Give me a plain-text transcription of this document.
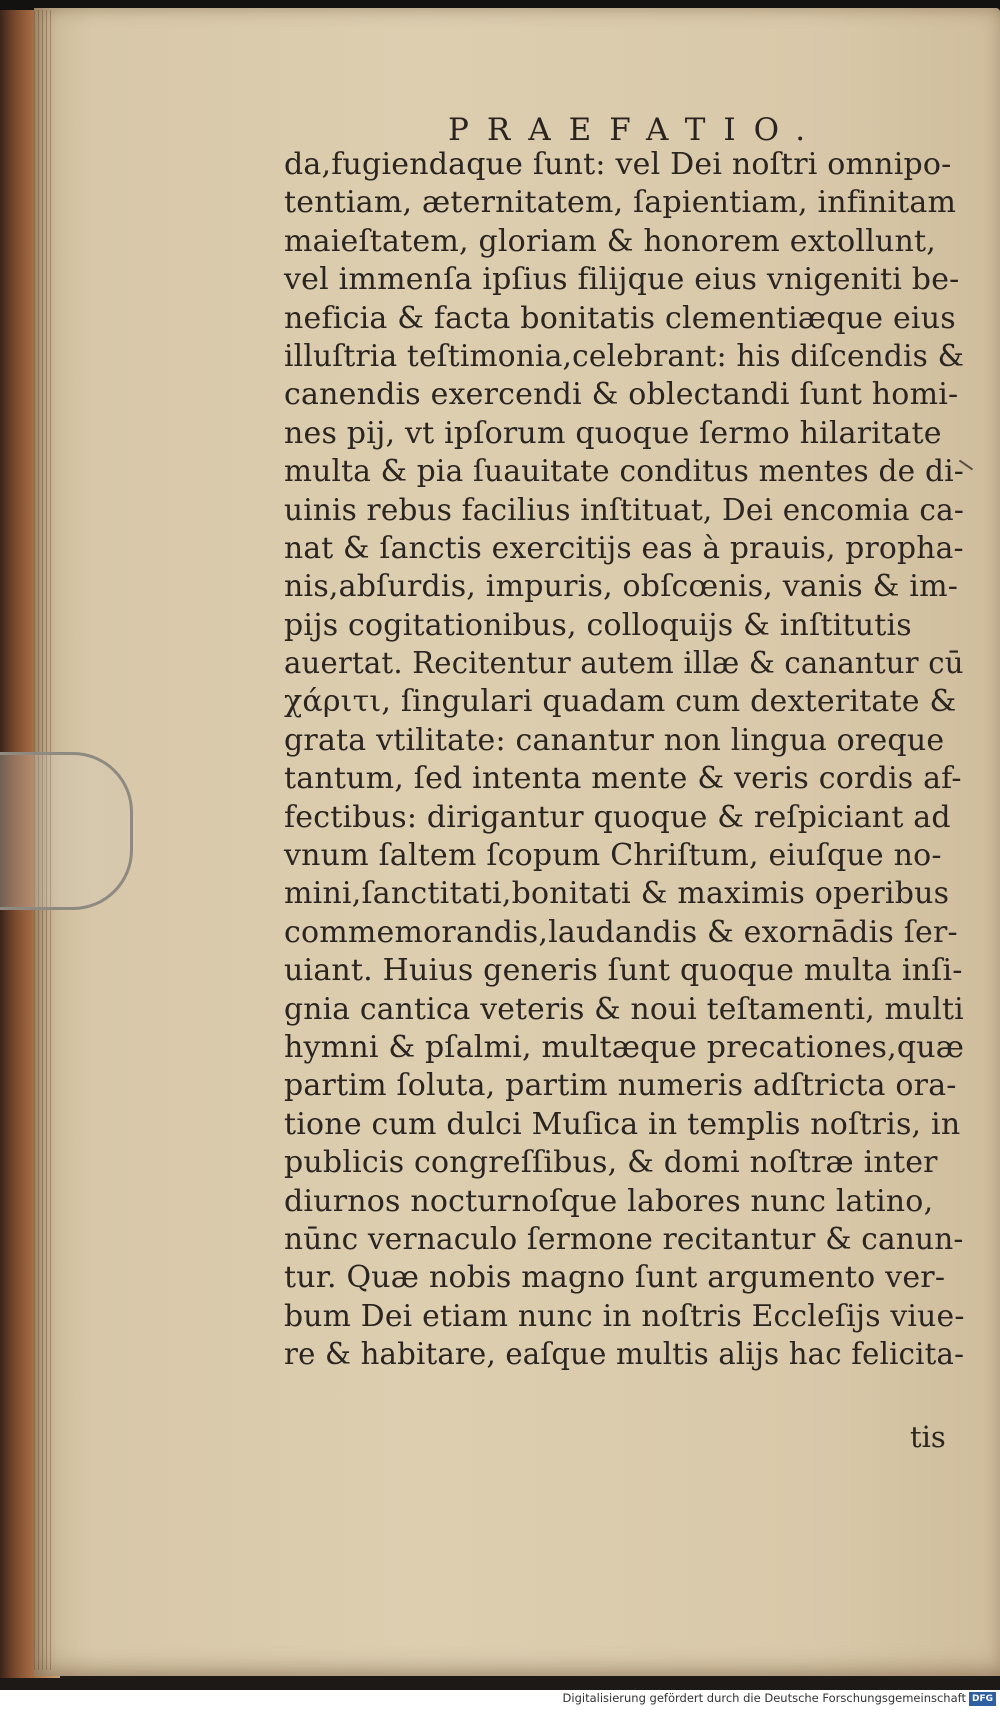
PRAEFATIO.
da,fugiendaque ſunt: vel Dei noſtri omnipo-
tentiam, æternitatem, ſapientiam, infinitam
maieſtatem, gloriam & honorem extollunt,
vel immenſa ipſius filijque eius vnigeniti be-
neficia & facta bonitatis clementiæque eius
illuſtria teſtimonia,celebrant: his diſcendis &
canendis exercendi & oblectandi ſunt homi-
nes pij, vt ipſorum quoque ſermo hilaritate
multa & pia ſuauitate conditus mentes de di-
uinis rebus facilius inſtituat, Dei encomia ca-
nat & ſanctis exercitijs eas à prauis, propha-
nis,abſurdis, impuris, obſcœnis, vanis & im-
pijs cogitationibus, colloquijs & inſtitutis
auertat. Recitentur autem illæ & canantur cū
χάριτι, ſingulari quadam cum dexteritate &
grata vtilitate: canantur non lingua oreque
tantum, ſed intenta mente & veris cordis af-
fectibus: dirigantur quoque & reſpiciant ad
vnum ſaltem ſcopum Chriſtum, eiuſque no-
mini,ſanctitati,bonitati & maximis operibus
commemorandis,laudandis & exornādis ſer-
uiant. Huius generis ſunt quoque multa inſi-
gnia cantica veteris & noui teſtamenti, multi
hymni & pſalmi, multæque precationes,quæ
partim ſoluta, partim numeris adſtricta ora-
tione cum dulci Muſica in templis noſtris, in
publicis congreſſibus, & domi noſtræ inter
diurnos nocturnoſque labores nunc latino,
nūnc vernaculo ſermone recitantur & canun-
tur. Quæ nobis magno ſunt argumento ver-
bum Dei etiam nunc in noſtris Eccleſijs viue-
re & habitare, eaſque multis alijs hac felicita-
tis
Digitalisierung gefördert durch die Deutsche Forschungsgemeinschaft DFG
